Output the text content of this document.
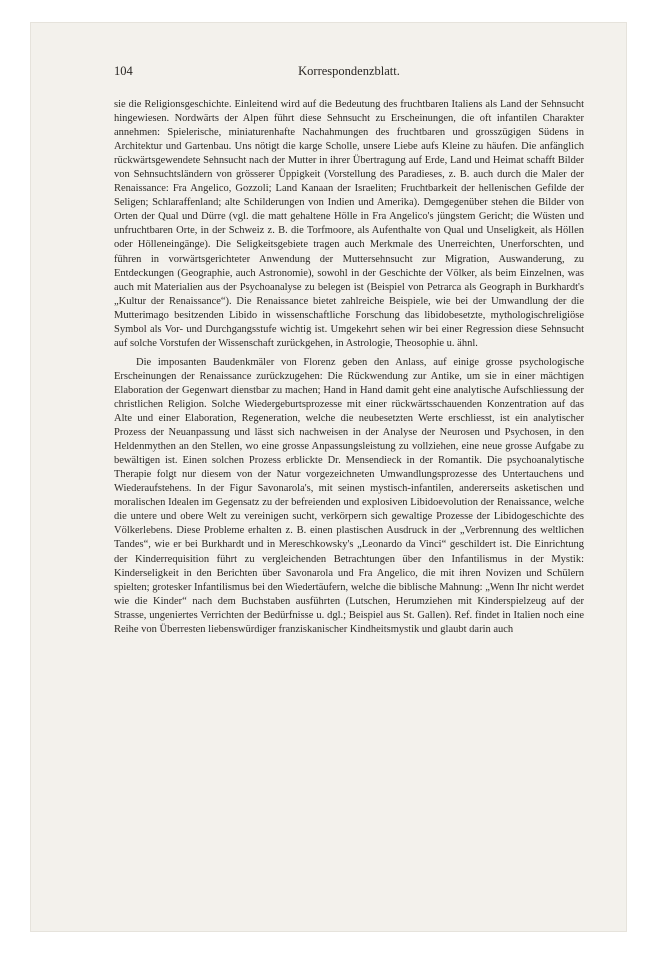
104	Korrespondenzblatt.

sie die Religionsgeschichte. Einleitend wird auf die Bedeutung des fruchtbaren Italiens als Land der Sehnsucht hingewiesen. Nordwärts der Alpen führt diese Sehnsucht zu Erscheinungen, die oft infantilen Charakter annehmen: Spielerische, miniaturenhafte Nachahmungen des fruchtbaren und grosszügigen Südens in Architektur und Gartenbau. Uns nötigt die karge Scholle, unsere Liebe aufs Kleine zu häufen. Die anfänglich rückwärtsgewendete Sehnsucht nach der Mutter in ihrer Übertragung auf Erde, Land und Heimat schafft Bilder von Sehnsuchtsländern von grösserer Üppigkeit (Vorstellung des Paradieses, z. B. auch durch die Maler der Renaissance: Fra Angelico, Gozzoli; Land Kanaan der Israeliten; Fruchtbarkeit der hellenischen Gefilde der Seligen; Schlaraffenland; alte Schilderungen von Indien und Amerika). Demgegenüber stehen die Bilder von Orten der Qual und Dürre (vgl. die matt gehaltene Hölle in Fra Angelico's jüngstem Gericht; die Wüsten und unfruchtbaren Orte, in der Schweiz z. B. die Torfmoore, als Aufenthalte von Qual und Unseligkeit, als Höllen oder Hölleneingänge). Die Seligkeitsgebiete tragen auch Merkmale des Unerreichten, Unerforschten, und führen in vorwärtsgerichteter Anwendung der Muttersehnsucht zur Migration, Auswanderung, zu Entdeckungen (Geographie, auch Astronomie), sowohl in der Geschichte der Völker, als beim Einzelnen, was auch mit Materialien aus der Psychoanalyse zu belegen ist (Beispiel von Petrarca als Geograph in Burkhardt's „Kultur der Renaissance“). Die Renaissance bietet zahlreiche Beispiele, wie bei der Umwandlung der die Mutterimago besitzenden Libido in wissenschaftliche Forschung das libidobesetzte, mythologischreligiöse Symbol als Vor- und Durchgangsstufe wichtig ist. Umgekehrt sehen wir bei einer Regression diese Sehnsucht auf solche Vorstufen der Wissenschaft zurückgehen, in Astrologie, Theosophie u. ähnl.

Die imposanten Baudenkmäler von Florenz geben den Anlass, auf einige grosse psychologische Erscheinungen der Renaissance zurückzugehen: Die Rückwendung zur Antike, um sie in einer mächtigen Elaboration der Gegenwart dienstbar zu machen; Hand in Hand damit geht eine analytische Aufschliessung der christlichen Religion. Solche Wiedergeburtsprozesse mit einer rückwärtsschauenden Konzentration auf das Alte und einer Elaboration, Regeneration, welche die neubesetzten Werte erschliesst, ist ein analytischer Prozess der Neuanpassung und lässt sich nachweisen in der Analyse der Neurosen und Psychosen, in den Heldenmythen an den Stellen, wo eine grosse Anpassungsleistung zu vollziehen, eine neue grosse Aufgabe zu bewältigen ist. Einen solchen Prozess erblickte Dr. Mensendieck in der Romantik. Die psychoanalytische Therapie folgt nur diesem von der Natur vorgezeichneten Umwandlungsprozesse des Untertauchens und Wiederaufstehens. In der Figur Savonarola's, mit seinen mystisch-infantilen, andererseits asketischen und moralischen Idealen im Gegensatz zu der befreienden und explosiven Libidoevolution der Renaissance, welche die untere und obere Welt zu vereinigen sucht, verkörpern sich gewaltige Prozesse der Libidogeschichte des Völkerlebens. Diese Probleme erhalten z. B. einen plastischen Ausdruck in der „Verbrennung des weltlichen Tandes“, wie er bei Burkhardt und in Mereschkowsky's „Leonardo da Vinci“ geschildert ist. Die Einrichtung der Kinderrequisition führt zu vergleichenden Betrachtungen über den Infantilismus in der Mystik: Kinderseligkeit in den Berichten über Savonarola und Fra Angelico, die mit ihren Novizen und Schülern spielten; grotesker Infantilismus bei den Wiedertäufern, welche die biblische Mahnung: „Wenn Ihr nicht werdet wie die Kinder“ nach dem Buchstaben ausführten (Lutschen, Herumziehen mit Kinderspielzeug auf der Strasse, ungeniertes Verrichten der Bedürfnisse u. dgl.; Beispiel aus St. Gallen). Ref. findet in Italien noch eine Reihe von Überresten liebenswürdiger franziskanischer Kindheitsmystik und glaubt darin auch
